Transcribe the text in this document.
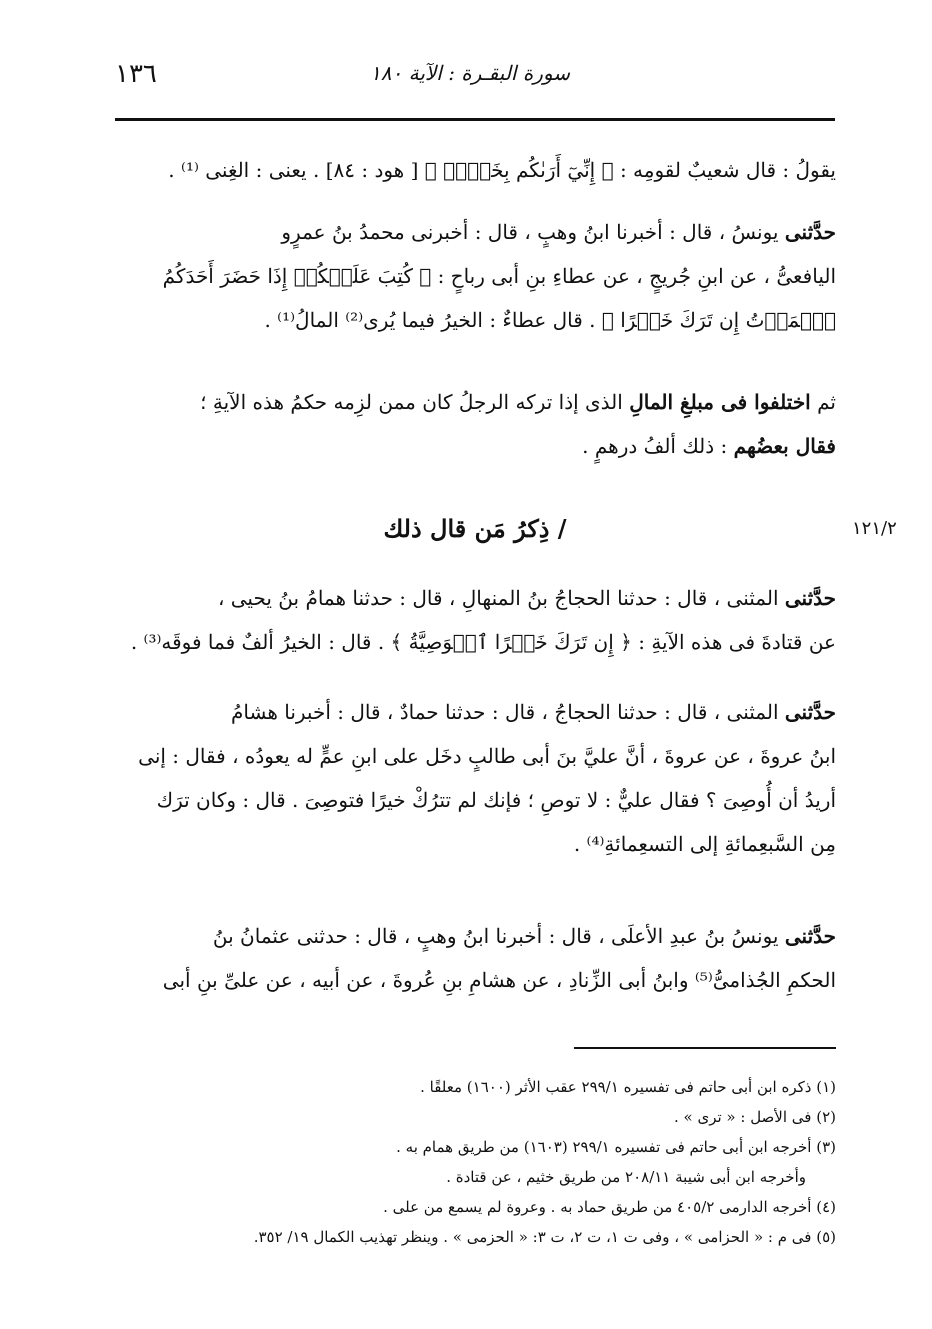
١٣٦	سورة البقـرة : الآية ١٨٠
يقولُ : قال شعيبٌ لقومِه : ﴿ إِنِّيٓ أَرَىٰكُم بِخَيۡرٖ ﴾ [ هود : ٨٤] . يعنى : الغِنى ⁽¹⁾ .
حدَّثنى يونسُ ، قال : أخبرنا ابنُ وهبٍ ، قال : أخبرنى محمدُ بنُ عمرٍو
اليافعىُّ ، عن ابنِ جُريجٍ ، عن عطاءِ بنِ أبى رباحٍ : ﴿ كُتِبَ عَلَيۡكُمۡ إِذَا حَضَرَ أَحَدَكُمُ
ٱلۡمَوۡتُ إِن تَرَكَ خَيۡرًا ﴾ . قال عطاءٌ : الخيرُ فيما يُرى⁽²⁾ المالُ⁽¹⁾ .
ثم اختلفوا فى مبلغِ المالِ الذى إذا تركه الرجلُ كان ممن لزِمه حكمُ هذه الآيةِ ؛
فقال بعضُهم : ذلك ألفُ درهمٍ .
/ ذِكرُ مَن قال ذلك	١٢١/٢
حدَّثنى المثنى ، قال : حدثنا الحجاجُ بنُ المنهالِ ، قال : حدثنا همامُ بنُ يحيى ،
عن قتادةَ فى هذه الآيةِ : ﴿ إِن تَرَكَ خَيۡرًا ٱلۡوَصِيَّةُ ﴾ . قال : الخيرُ ألفٌ فما فوقَه⁽³⁾ .
حدَّثنى المثنى ، قال : حدثنا الحجاجُ ، قال : حدثنا حمادٌ ، قال : أخبرنا هشامُ
ابنُ عروةَ ، عن عروةَ ، أنَّ عليَّ بنَ أبى طالبٍ دخَل على ابنِ عمٍّ له يعودُه ، فقال : إنى
أريدُ أن أُوصِىَ ؟ فقال عليٌّ : لا توصِ ؛ فإنك لم تترُكْ خيرًا فتوصِىَ . قال : وكان ترَك
مِن السَّبعِمائةِ إلى التسعِمائةِ⁽⁴⁾ .
حدَّثنى يونسُ بنُ عبدِ الأعلَى ، قال : أخبرنا ابنُ وهبٍ ، قال : حدثنى عثمانُ بنُ
الحكمِ الجُذامىُّ⁽⁵⁾ وابنُ أبى الزِّنادِ ، عن هشامِ بنِ عُروةَ ، عن أبيه ، عن علىِّ بنِ أبى
(١) ذكره ابن أبى حاتم فى تفسيره ٢٩٩/١ عقب الأثر (١٦٠٠) معلقًا .
(٢) فى الأصل : « ترى » .
(٣) أخرجه ابن أبى حاتم فى تفسيره ٢٩٩/١ (١٦٠٣) من طريق همام به .
وأخرجه ابن أبى شيبة ٢٠٨/١١ من طريق خثيم ، عن قتادة .
(٤) أخرجه الدارمى ٤٠٥/٢ من طريق حماد به . وعروة لم يسمع من على .
(٥) فى م : « الحزامى » ، وفى ت ١، ت ٢، ت ٣: « الحزمى » . وينظر تهذيب الكمال ١٩/ ٣٥٢.
